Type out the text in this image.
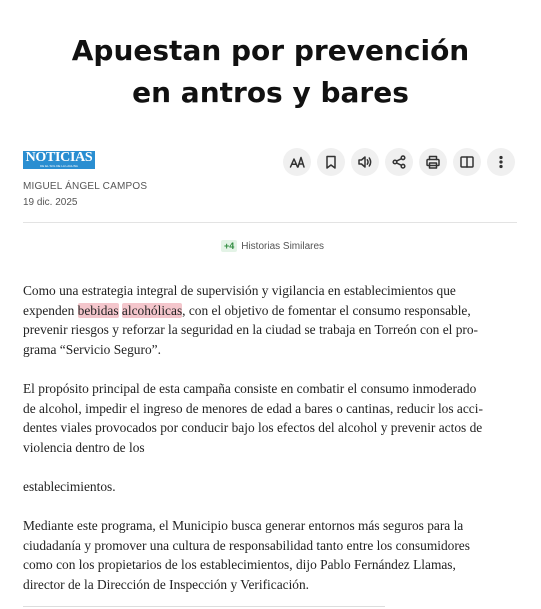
Apuestan por prevención
en antros y bares
NOTICIAS
DE EL SOL DE LA LAGUNA
MIGUEL ÁNGEL CAMPOS
19 dic. 2025
+4 Historias Similares

Como una estrategia integral de supervisión y vigilancia en establecimientos que
expenden bebidas alcohólicas, con el objetivo de fomentar el consumo responsable,
prevenir riesgos y reforzar la seguridad en la ciudad se trabaja en Torreón con el pro-
grama “Servicio Seguro”.

El propósito principal de esta campaña consiste en combatir el consumo inmoderado
de alcohol, impedir el ingreso de menores de edad a bares o cantinas, reducir los acci-
dentes viales provocados por conducir bajo los efectos del alcohol y prevenir actos de
violencia dentro de los

establecimientos.

Mediante este programa, el Municipio busca generar entornos más seguros para la
ciudadanía y promover una cultura de responsabilidad tanto entre los consumidores
como con los propietarios de los establecimientos, dijo Pablo Fernández Llamas,
director de la Dirección de Inspección y Verificación.
